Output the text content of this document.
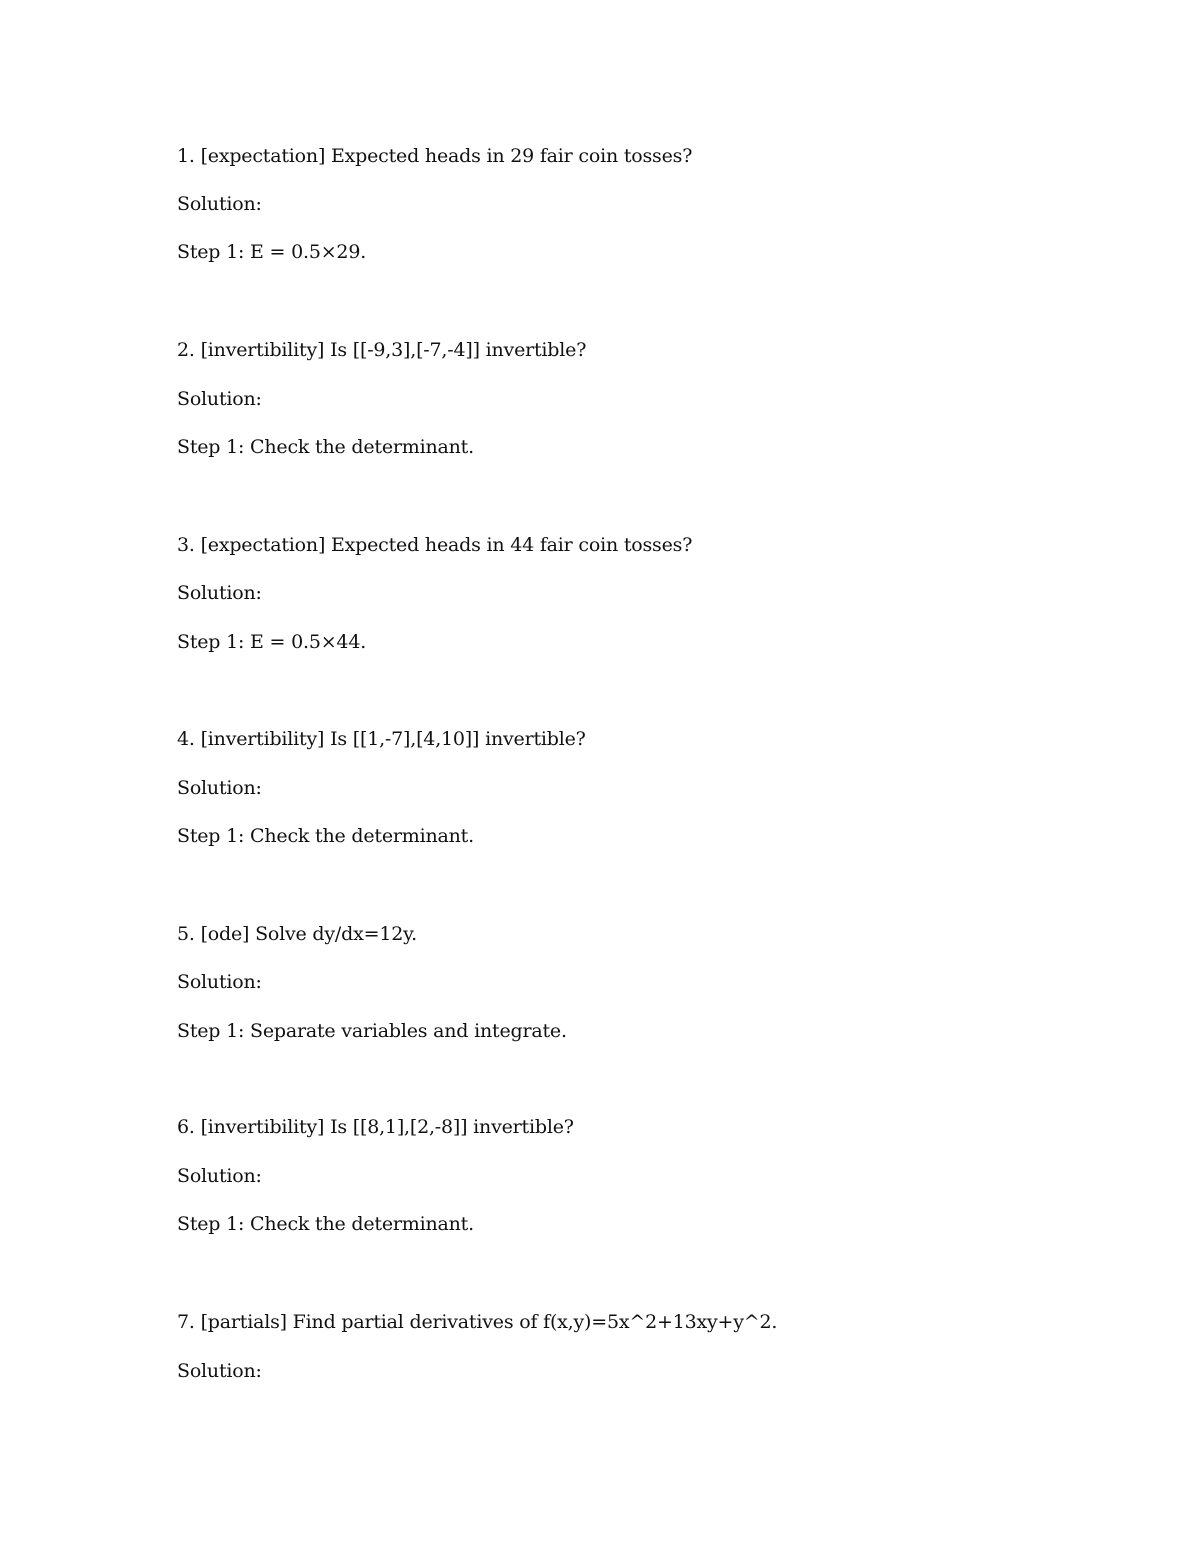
1. [expectation] Expected heads in 29 fair coin tosses?

Solution:

Step 1: E = 0.5×29.

2. [invertibility] Is [[-9,3],[-7,-4]] invertible?

Solution:

Step 1: Check the determinant.

3. [expectation] Expected heads in 44 fair coin tosses?

Solution:

Step 1: E = 0.5×44.

4. [invertibility] Is [[1,-7],[4,10]] invertible?

Solution:

Step 1: Check the determinant.

5. [ode] Solve dy/dx=12y.

Solution:

Step 1: Separate variables and integrate.

6. [invertibility] Is [[8,1],[2,-8]] invertible?

Solution:

Step 1: Check the determinant.

7. [partials] Find partial derivatives of f(x,y)=5x^2+13xy+y^2.

Solution:
